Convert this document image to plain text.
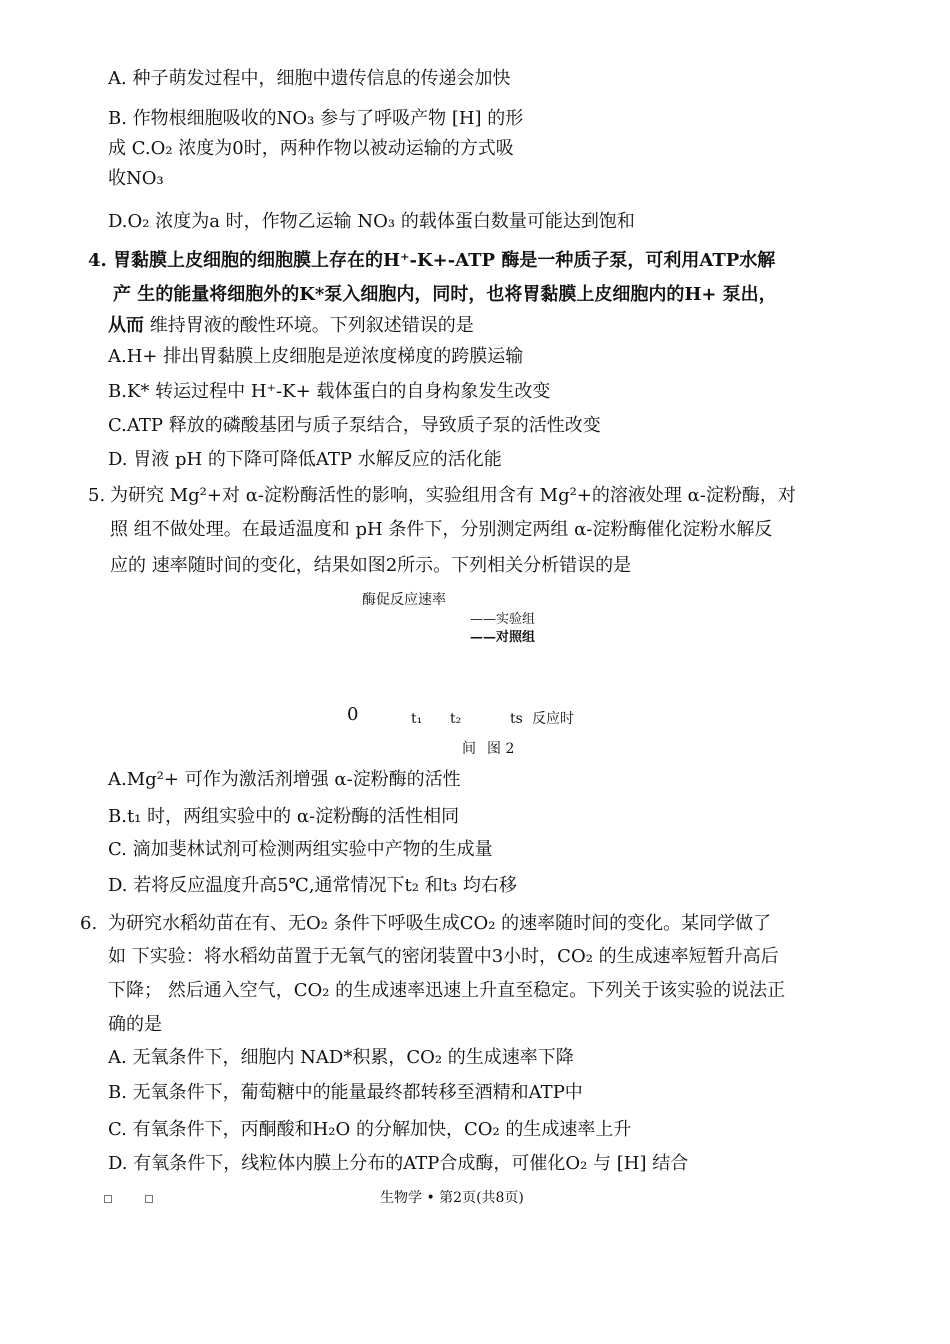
A. 种子萌发过程中，细胞中遗传信息的传递会加快
B. 作物根细胞吸收的NO₃ 参与了呼吸产物 [H] 的形
成 C.O₂ 浓度为0时，两种作物以被动运输的方式吸
收NO₃
D.O₂ 浓度为a 时，作物乙运输 NO₃ 的载体蛋白数量可能达到饱和
4. 胃黏膜上皮细胞的细胞膜上存在的H⁺-K+-ATP 酶是一种质子泵，可利用ATP水解
产 生的能量将细胞外的K*泵入细胞内，同时，也将胃黏膜上皮细胞内的H+ 泵出，
从而 维持胃液的酸性环境。下列叙述错误的是
A.H+ 排出胃黏膜上皮细胞是逆浓度梯度的跨膜运输
B.K* 转运过程中 H⁺-K+ 载体蛋白的自身构象发生改变
C.ATP 释放的磷酸基团与质子泵结合，导致质子泵的活性改变
D. 胃液 pH 的下降可降低ATP 水解反应的活化能
5. 为研究 Mg²+对 α-淀粉酶活性的影响，实验组用含有 Mg²+的溶液处理 α-淀粉酶，对
照 组不做处理。在最适温度和 pH 条件下，分别测定两组 α-淀粉酶催化淀粉水解反
应的 速率随时间的变化，结果如图2所示。下列相关分析错误的是
酶促反应速率
——实验组
——对照组
0	t₁ t₂	ts 反应时
间 图 2
A.Mg²+ 可作为激活剂增强 α-淀粉酶的活性
B.t₁ 时，两组实验中的 α-淀粉酶的活性相同
C. 滴加斐林试剂可检测两组实验中产物的生成量
D. 若将反应温度升高5℃,通常情况下t₂ 和t₃ 均右移
6. 为研究水稻幼苗在有、无O₂ 条件下呼吸生成CO₂ 的速率随时间的变化。某同学做了
如 下实验：将水稻幼苗置于无氧气的密闭装置中3小时，CO₂ 的生成速率短暂升高后
下降； 然后通入空气，CO₂ 的生成速率迅速上升直至稳定。下列关于该实验的说法正
确的是
A. 无氧条件下，细胞内 NAD*积累，CO₂ 的生成速率下降
B. 无氧条件下，葡萄糖中的能量最终都转移至酒精和ATP中
C. 有氧条件下，丙酮酸和H₂O 的分解加快，CO₂ 的生成速率上升
D. 有氧条件下，线粒体内膜上分布的ATP合成酶，可催化O₂ 与 [H] 结合
生物学 • 第2页(共8页)
